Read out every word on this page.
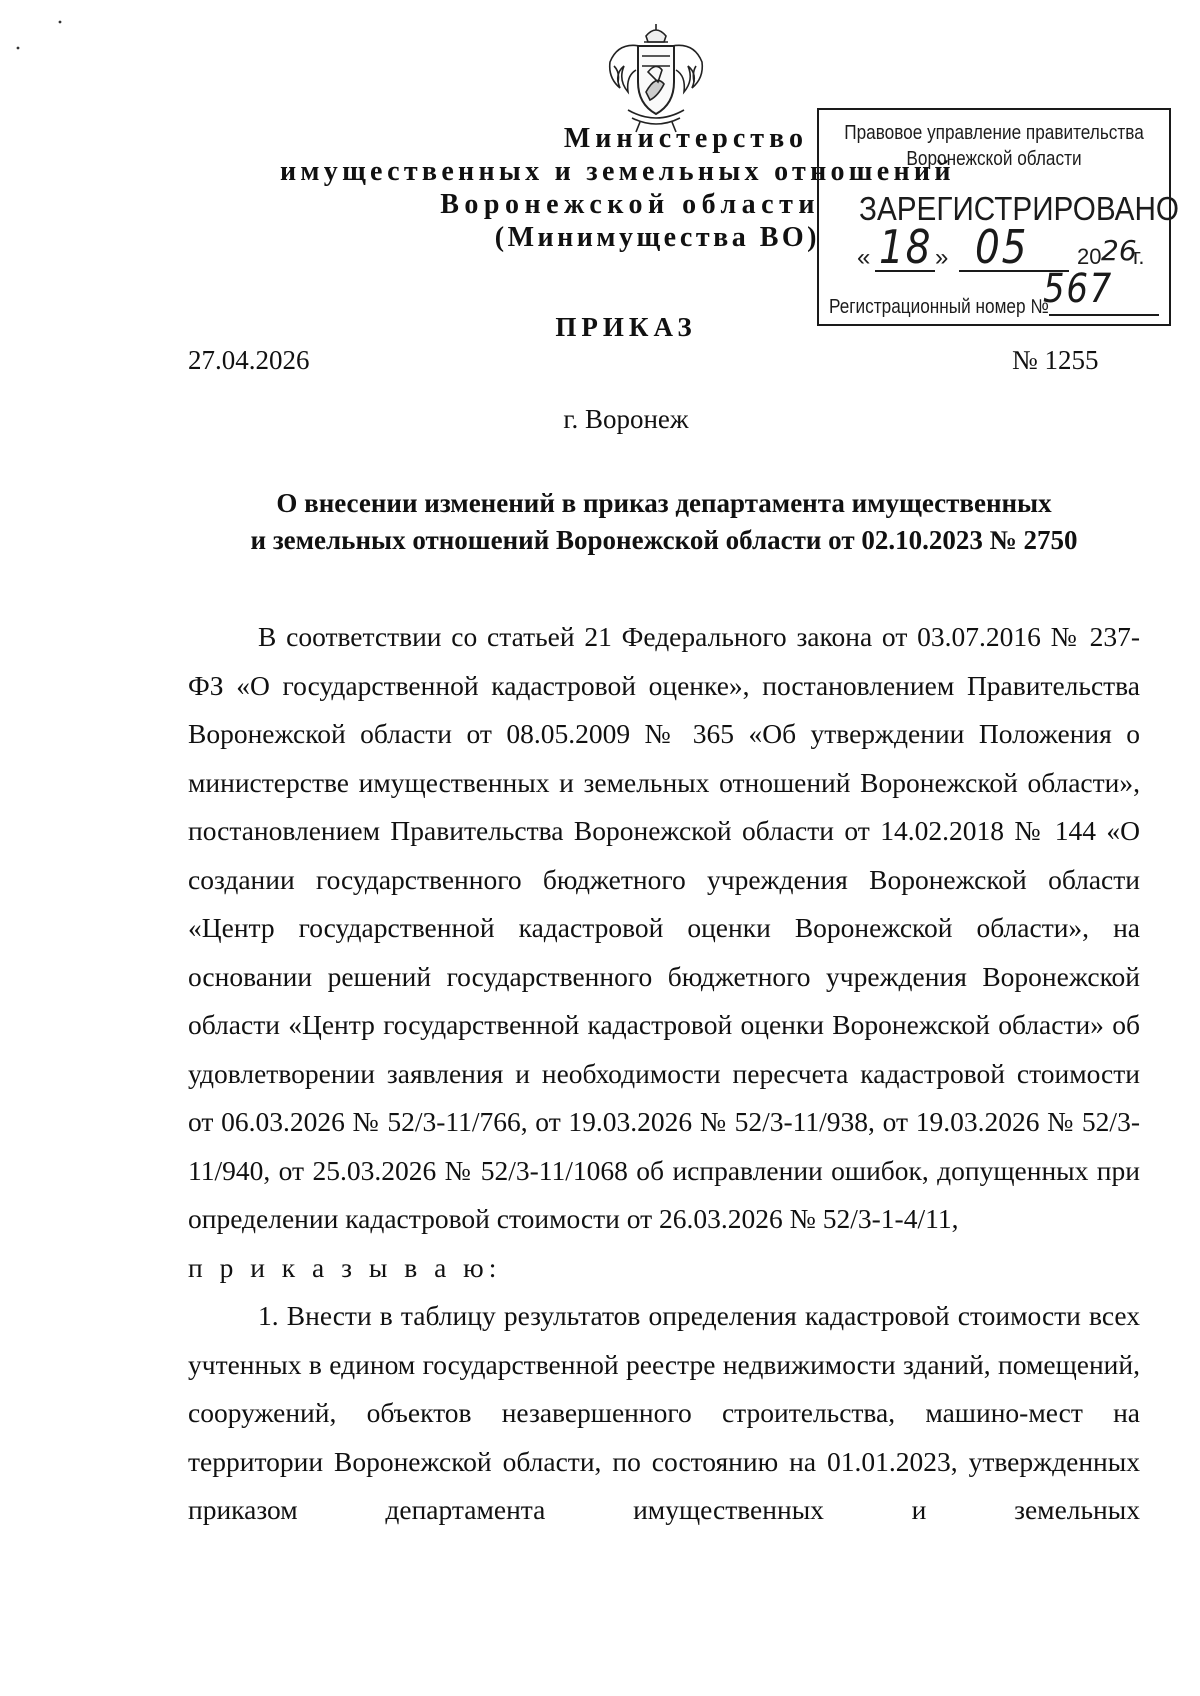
Министерство
имущественных и земельных отношений
Воронежской области
(Минимущества ВО)
Правовое управление правительства
Воронежской области
ЗАРЕГИСТРИРОВАНО
« 18 » 05 20 26
г.
Регистрационный номер №
567
ПРИКАЗ
27.04.2026	№ 1255
г. Воронеж
О внесении изменений в приказ департамента имущественных
и земельных отношений Воронежской области от 02.10.2023 № 2750

В соответствии со статьей 21 Федерального закона от 03.07.2016 № 237-ФЗ «О государственной кадастровой оценке», постановлением Правительства Воронежской области от 08.05.2009 № 365 «Об утверждении Положения о министерстве имущественных и земельных отношений Воронежской области», постановлением Правительства Воронежской области от 14.02.2018 № 144 «О создании государственного бюджетного учреждения Воронежской области «Центр государственной кадастровой оценки Воронежской области», на основании решений государственного бюджетного учреждения Воронежской области «Центр государственной кадастровой оценки Воронежской области» об удовлетворении заявления и необходимости пересчета кадастровой стоимости от 06.03.2026 № 52/3-11/766, от 19.03.2026 № 52/3-11/938, от 19.03.2026 № 52/3-11/940, от 25.03.2026 № 52/3-11/1068 об исправлении ошибок, допущенных при

определении кадастровой стоимости от 26.03.2026 № 52/3-1-4/11,

п р и к а з ы в а ю:

1. Внести в таблицу результатов определения кадастровой стоимости всех учтенных в едином государственной реестре недвижимости зданий, помещений, сооружений, объектов незавершенного строительства, машино-мест на территории Воронежской области, по состоянию на 01.01.2023, утвержденных приказом департамента имущественных и земельных
